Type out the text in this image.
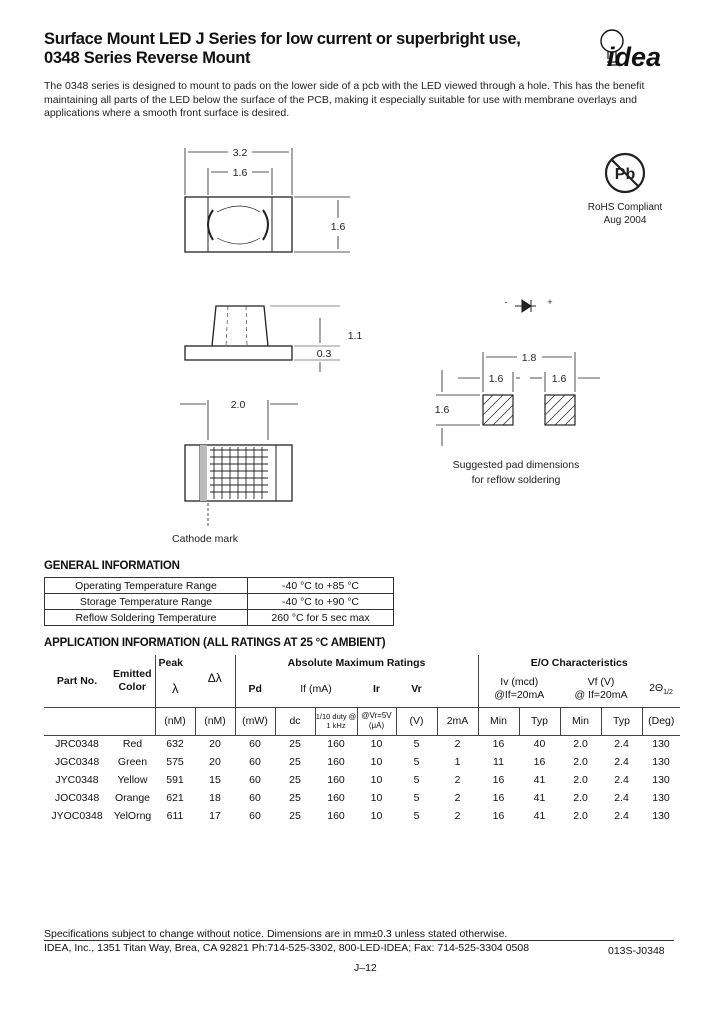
Surface Mount LED J Series for low current or superbright use,
0348 Series Reverse Mount	idea
The 0348 series is designed to mount to pads on the lower side of a pcb with the LED viewed through a hole. This has the benefit maintaining all parts of the LED below the surface of the PCB, making it especially suitable for use with membrane overlays and applications where a smooth front surface is desired.
3.2
1.6
1.6
1.1
0.3
2.0
Cathode mark
1.8
1.6	1.6
1.6
Suggested pad dimensions
for reflow soldering
-	+
Pb
RoHS Compliant
Aug 2004
GENERAL INFORMATION
Operating Temperature Range	-40 °C to +85 °C
Storage Temperature Range	-40 °C to +90 °C
Reflow Soldering Temperature	260 °C for 5 sec max
APPLICATION INFORMATION (ALL RATINGS AT 25 °C AMBIENT)
Part No.	Emitted Color	Peak		Absolute Maximum Ratings						E/O Characteristics				
		λ	Δλ	Pd	If (mA)		Ir	Vr		Iv (mcd)
@If=20mA		Vf (V)
@ If=20mA		$2\Theta_{1/2}$
		(nM)	(nM)	(mW)	dc	1/10 duty @ 1 kHz	@Vr=5V (μA)	(V)	2mA	Min	Typ	Min	Typ	(Deg)
JRC0348	Red	632	20	60	25	160	10	5	2	16	40	2.0	2.4	130
JGC0348	Green	575	20	60	25	160	10	5	1	11	16	2.0	2.4	130
JYC0348	Yellow	591	15	60	25	160	10	5	2	16	41	2.0	2.4	130
JOC0348	Orange	621	18	60	25	160	10	5	2	16	41	2.0	2.4	130
JYOC0348	YelOrng	611	17	60	25	160	10	5	2	16	41	2.0	2.4	130
Specifications subject to change without notice. Dimensions are in mm±0.3 unless stated otherwise.
IDEA, Inc., 1351 Titan Way, Brea, CA 92821 Ph:714-525-3302, 800-LED-IDEA; Fax: 714-525-3304 0508	013S-J0348
J–12
